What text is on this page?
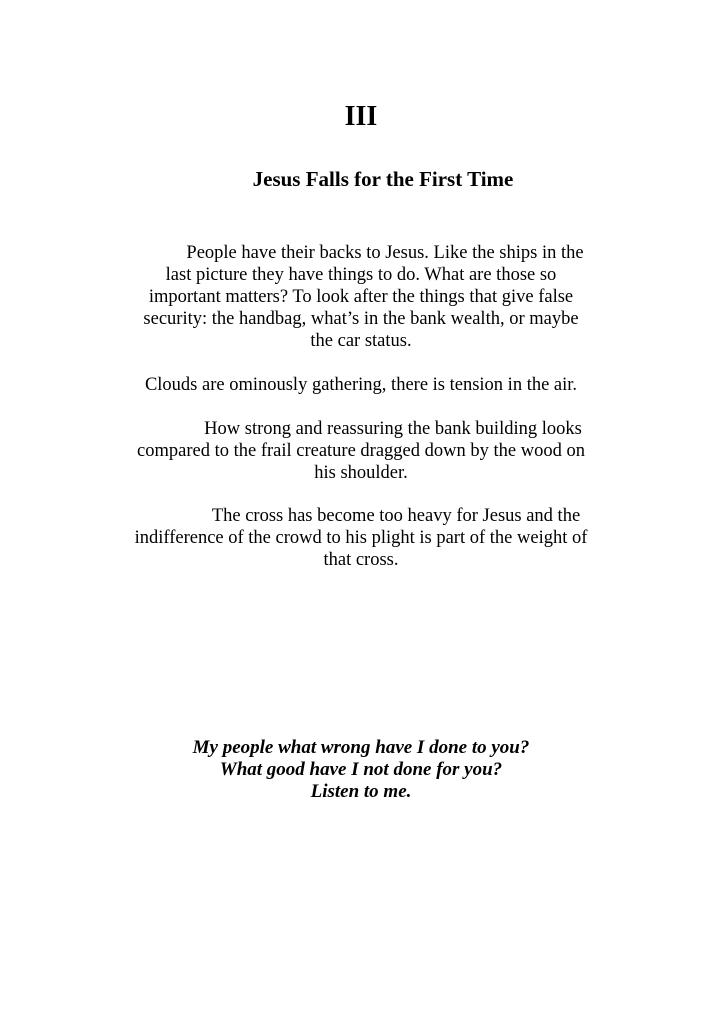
III
Jesus Falls for the First Time

People have their backs to Jesus. Like the ships in the
last picture they have things to do. What are those so
important matters? To look after the things that give false
security: the handbag, what’s in the bank wealth, or maybe
the car status.

Clouds are ominously gathering, there is tension in the air.

How strong and reassuring the bank building looks
compared to the frail creature dragged down by the wood on
his shoulder.

The cross has become too heavy for Jesus and the
indifference of the crowd to his plight is part of the weight of
that cross.

My people what wrong have I done to you?
What good have I not done for you?
Listen to me.
